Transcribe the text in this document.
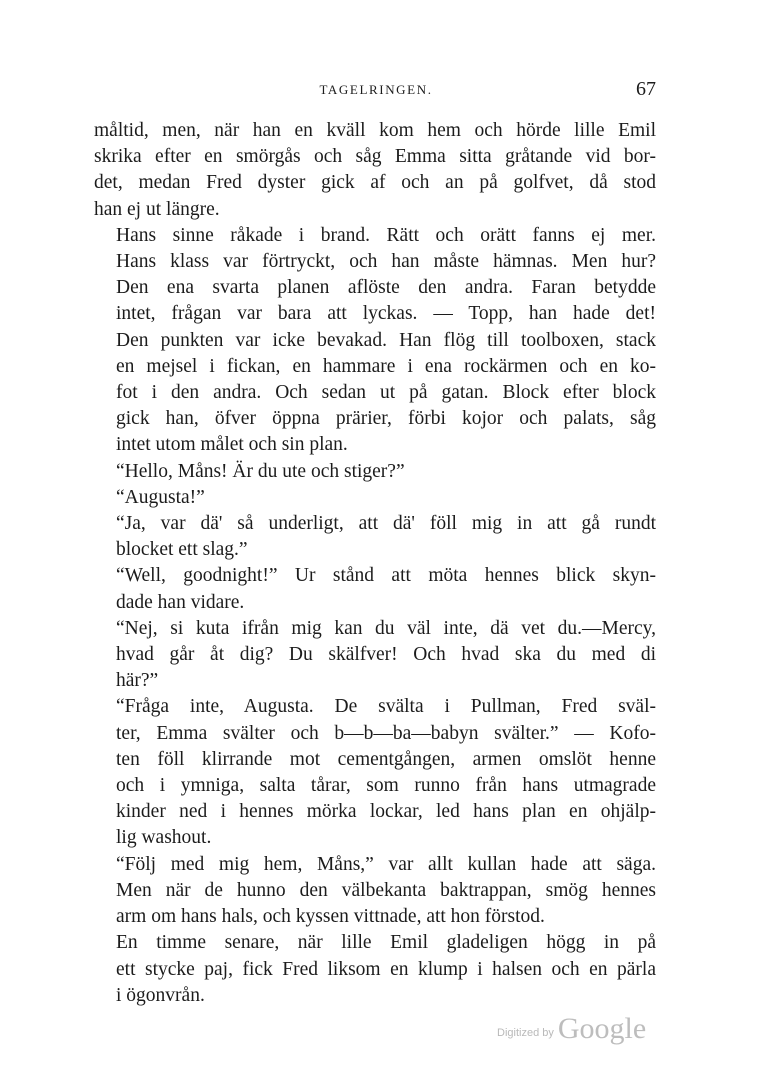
TAGELRINGEN.	67
måltid, men, när han en kväll kom hem och hörde lille Emil
skrika efter en smörgås och såg Emma sitta gråtande vid bor-
det, medan Fred dyster gick af och an på golfvet, då stod
han ej ut längre.
Hans sinne råkade i brand. Rätt och orätt fanns ej mer.
Hans klass var förtryckt, och han måste hämnas. Men hur?
Den ena svarta planen aflöste den andra. Faran betydde
intet, frågan var bara att lyckas. — Topp, han hade det!
Den punkten var icke bevakad. Han flög till toolboxen, stack
en mejsel i fickan, en hammare i ena rockärmen och en ko-
fot i den andra. Och sedan ut på gatan. Block efter block
gick han, öfver öppna prärier, förbi kojor och palats, såg
intet utom målet och sin plan.
“Hello, Måns! Är du ute och stiger?”
“Augusta!”
“Ja, var dä' så underligt, att dä' föll mig in att gå rundt
blocket ett slag.”
“Well, goodnight!” Ur stånd att möta hennes blick skyn-
dade han vidare.
“Nej, si kuta ifrån mig kan du väl inte, dä vet du.—Mercy,
hvad går åt dig? Du skälfver! Och hvad ska du med di
här?”
“Fråga inte, Augusta. De svälta i Pullman, Fred sväl-
ter, Emma svälter och b—b—ba—babyn svälter.” — Kofo-
ten föll klirrande mot cementgången, armen omslöt henne
och i ymniga, salta tårar, som runno från hans utmagrade
kinder ned i hennes mörka lockar, led hans plan en ohjälp-
lig washout.
“Följ med mig hem, Måns,” var allt kullan hade att säga.
Men när de hunno den välbekanta baktrappan, smög hennes
arm om hans hals, och kyssen vittnade, att hon förstod.
En timme senare, när lille Emil gladeligen högg in på
ett stycke paj, fick Fred liksom en klump i halsen och en pärla
i ögonvrån.
Digitized by Google
